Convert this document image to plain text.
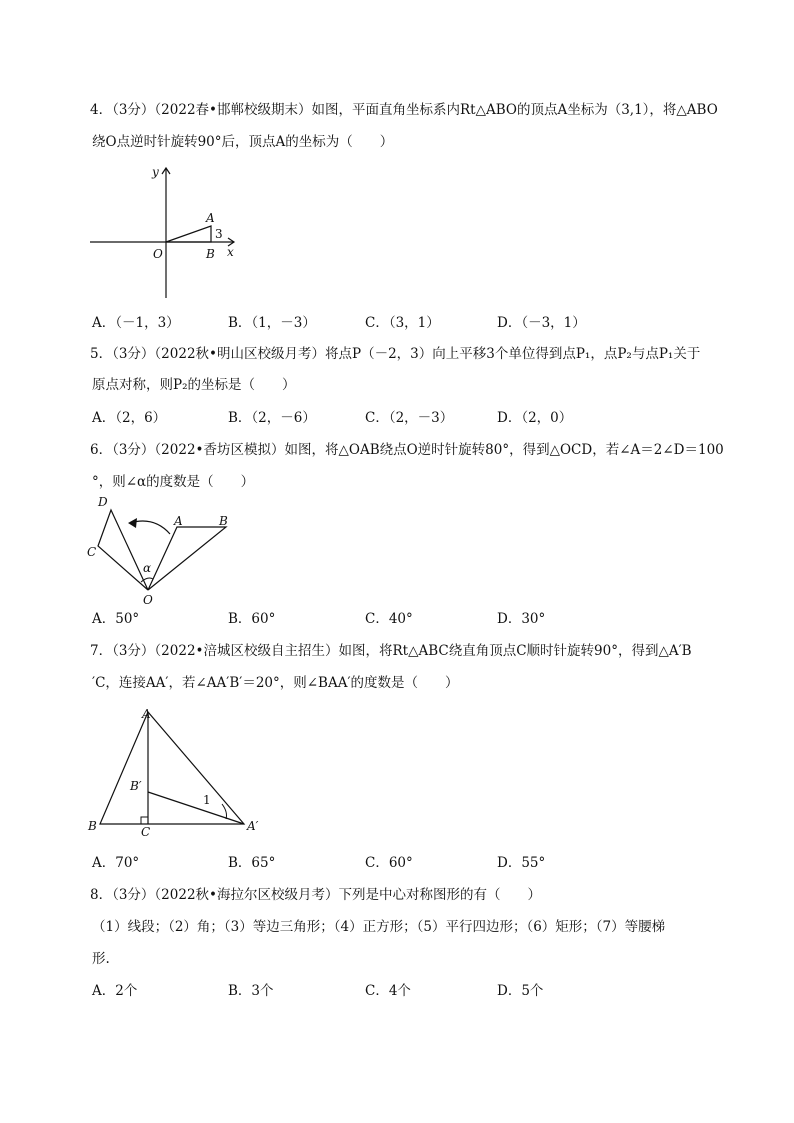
4．（3分）（2022春•邯郸校级期末）如图，平面直角坐标系内Rt△ABO的顶点A坐标为（3,1），将△ABO
绕O点逆时针旋转90°后，顶点A的坐标为（　　）
y
O
A
3
B x
A．（－1，3）	B．（1，－3）	C．（3，1）	D．（－3，1）
5．（3分）（2022秋•明山区校级月考）将点P（－2，3）向上平移3个单位得到点P₁，点P₂与点P₁关于
原点对称，则P₂的坐标是（　　）
A．（2，6）	B．（2，－6）	C．（2，－3）	D．（2，0）
6．（3分）（2022•香坊区模拟）如图，将△OAB绕点O逆时针旋转80°，得到△OCD，若∠A＝2∠D＝100
°，则∠α的度数是（　　）
D
A	B
C
α
O
A．50°	B．60°	C．40°	D．30°
7．（3分）（2022•涪城区校级自主招生）如图，将Rt△ABC绕直角顶点C顺时针旋转90°，得到△A′B
′C，连接AA′，若∠AA′B′＝20°，则∠BAA′的度数是（　　）
A
B′
1
B	C	A′
A．70°	B．65°	C．60°	D．55°
8．（3分）（2022秋•海拉尔区校级月考）下列是中心对称图形的有（　　）
（1）线段；（2）角；（3）等边三角形；（4）正方形；（5）平行四边形；（6）矩形；（7）等腰梯
形.
A．2个	B．3个	C．4个	D．5个
